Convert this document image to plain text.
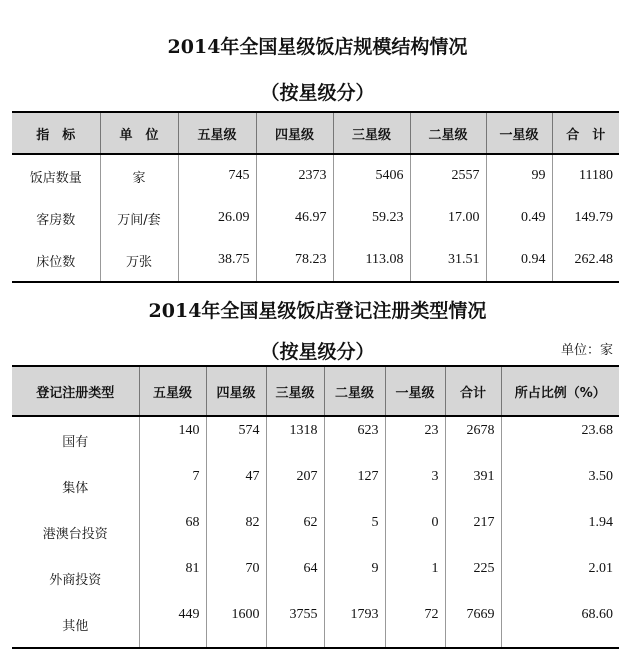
2014年全国星级饭店规模结构情况
（按星级分）
指　标	单　位	五星级	四星级	三星级	二星级	一星级	合　计
饭店数量	家	745	2373	5406	2557	99	11180
客房数	万间/套	26.09	46.97	59.23	17.00	0.49	149.79
床位数	万张	38.75	78.23	113.08	31.51	0.94	262.48
2014年全国星级饭店登记注册类型情况
（按星级分）	单位：家
登记注册类型	五星级	四星级	三星级	二星级	一星级	合计	所占比例（%）
国有	140	574	1318	623	23	2678	23.68
集体	7	47	207	127	3	391	3.50
港澳台投资	68	82	62	5	0	217	1.94
外商投资	81	70	64	9	1	225	2.01
其他	449	1600	3755	1793	72	7669	68.60
